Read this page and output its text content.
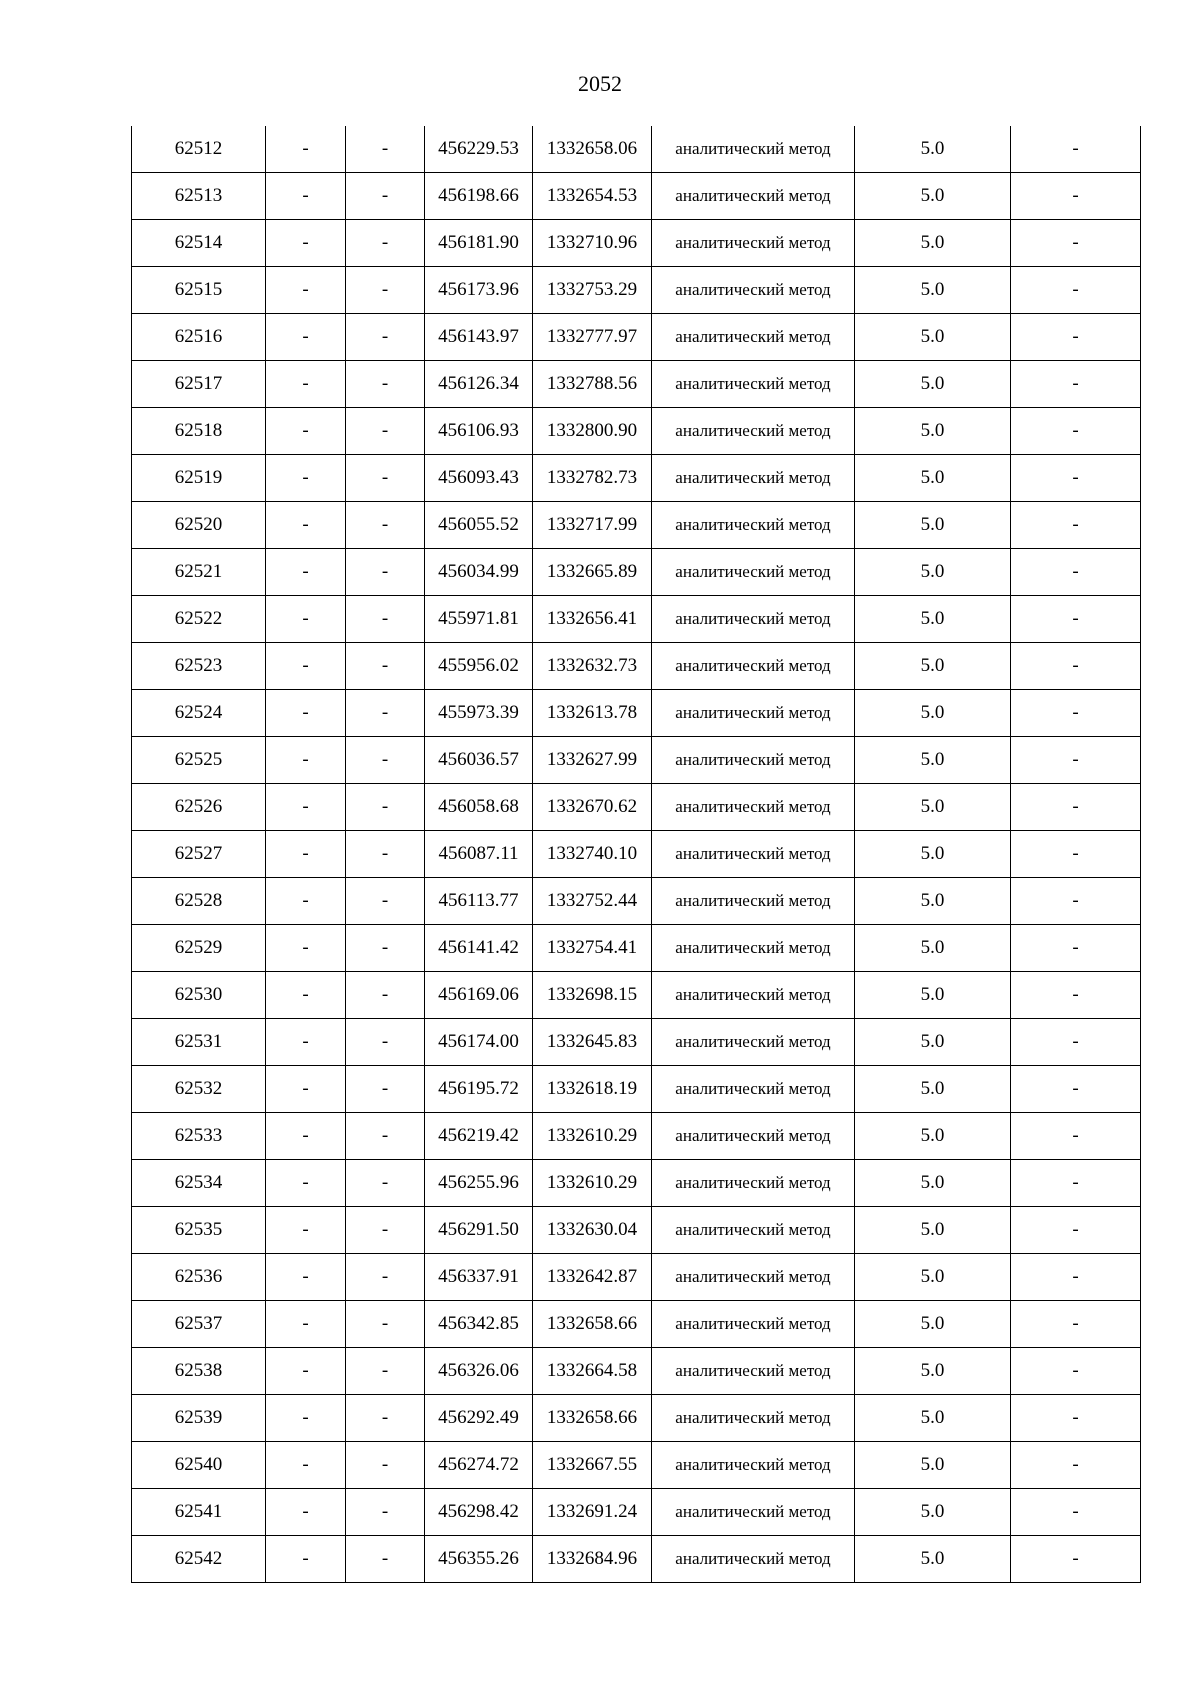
2052
62512	-	-	456229.53	1332658.06	аналитический метод	5.0	-
62513	-	-	456198.66	1332654.53	аналитический метод	5.0	-
62514	-	-	456181.90	1332710.96	аналитический метод	5.0	-
62515	-	-	456173.96	1332753.29	аналитический метод	5.0	-
62516	-	-	456143.97	1332777.97	аналитический метод	5.0	-
62517	-	-	456126.34	1332788.56	аналитический метод	5.0	-
62518	-	-	456106.93	1332800.90	аналитический метод	5.0	-
62519	-	-	456093.43	1332782.73	аналитический метод	5.0	-
62520	-	-	456055.52	1332717.99	аналитический метод	5.0	-
62521	-	-	456034.99	1332665.89	аналитический метод	5.0	-
62522	-	-	455971.81	1332656.41	аналитический метод	5.0	-
62523	-	-	455956.02	1332632.73	аналитический метод	5.0	-
62524	-	-	455973.39	1332613.78	аналитический метод	5.0	-
62525	-	-	456036.57	1332627.99	аналитический метод	5.0	-
62526	-	-	456058.68	1332670.62	аналитический метод	5.0	-
62527	-	-	456087.11	1332740.10	аналитический метод	5.0	-
62528	-	-	456113.77	1332752.44	аналитический метод	5.0	-
62529	-	-	456141.42	1332754.41	аналитический метод	5.0	-
62530	-	-	456169.06	1332698.15	аналитический метод	5.0	-
62531	-	-	456174.00	1332645.83	аналитический метод	5.0	-
62532	-	-	456195.72	1332618.19	аналитический метод	5.0	-
62533	-	-	456219.42	1332610.29	аналитический метод	5.0	-
62534	-	-	456255.96	1332610.29	аналитический метод	5.0	-
62535	-	-	456291.50	1332630.04	аналитический метод	5.0	-
62536	-	-	456337.91	1332642.87	аналитический метод	5.0	-
62537	-	-	456342.85	1332658.66	аналитический метод	5.0	-
62538	-	-	456326.06	1332664.58	аналитический метод	5.0	-
62539	-	-	456292.49	1332658.66	аналитический метод	5.0	-
62540	-	-	456274.72	1332667.55	аналитический метод	5.0	-
62541	-	-	456298.42	1332691.24	аналитический метод	5.0	-
62542	-	-	456355.26	1332684.96	аналитический метод	5.0	-
